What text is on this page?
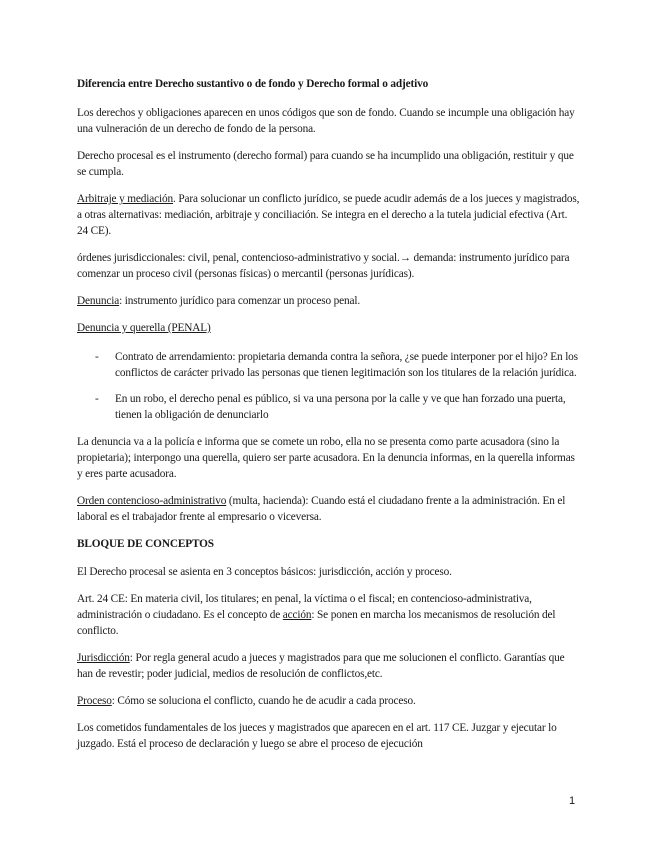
Diferencia entre Derecho sustantivo o de fondo y Derecho formal o adjetivo

Los derechos y obligaciones aparecen en unos códigos que son de fondo. Cuando se incumple una obligación hay una vulneración de un derecho de fondo de la persona.

Derecho procesal es el instrumento (derecho formal) para cuando se ha incumplido una obligación, restituir y que se cumpla.

Arbitraje y mediación. Para solucionar un conflicto jurídico, se puede acudir además de a los jueces y magistrados, a otras alternativas: mediación, arbitraje y conciliación. Se integra en el derecho a la tutela judicial efectiva (Art. 24 CE).

órdenes jurisdiccionales: civil, penal, contencioso-administrativo y social.→ demanda: instrumento jurídico para comenzar un proceso civil (personas físicas) o mercantil (personas jurídicas).

Denuncia: instrumento jurídico para comenzar un proceso penal.

Denuncia y querella (PENAL)

- Contrato de arrendamiento: propietaria demanda contra la señora, ¿se puede interponer por el hijo? En los conflictos de carácter privado las personas que tienen legitimación son los titulares de la relación jurídica.
- En un robo, el derecho penal es público, si va una persona por la calle y ve que han forzado una puerta, tienen la obligación de denunciarlo

La denuncia va a la policía e informa que se comete un robo, ella no se presenta como parte acusadora (sino la propietaria); interpongo una querella, quiero ser parte acusadora. En la denuncia informas, en la querella informas y eres parte acusadora.

Orden contencioso-administrativo (multa, hacienda): Cuando está el ciudadano frente a la administración. En el laboral es el trabajador frente al empresario o viceversa.

BLOQUE DE CONCEPTOS

El Derecho procesal se asienta en 3 conceptos básicos: jurisdicción, acción y proceso.

Art. 24 CE: En materia civil, los titulares; en penal, la víctima o el fiscal; en contencioso-administrativa, administración o ciudadano. Es el concepto de acción: Se ponen en marcha los mecanismos de resolución del conflicto.

Jurisdicción: Por regla general acudo a jueces y magistrados para que me solucionen el conflicto. Garantías que han de revestir; poder judicial, medios de resolución de conflictos,etc.

Proceso: Cómo se soluciona el conflicto, cuando he de acudir a cada proceso.

Los cometidos fundamentales de los jueces y magistrados que aparecen en el art. 117 CE. Juzgar y ejecutar lo juzgado. Está el proceso de declaración y luego se abre el proceso de ejecución

1
